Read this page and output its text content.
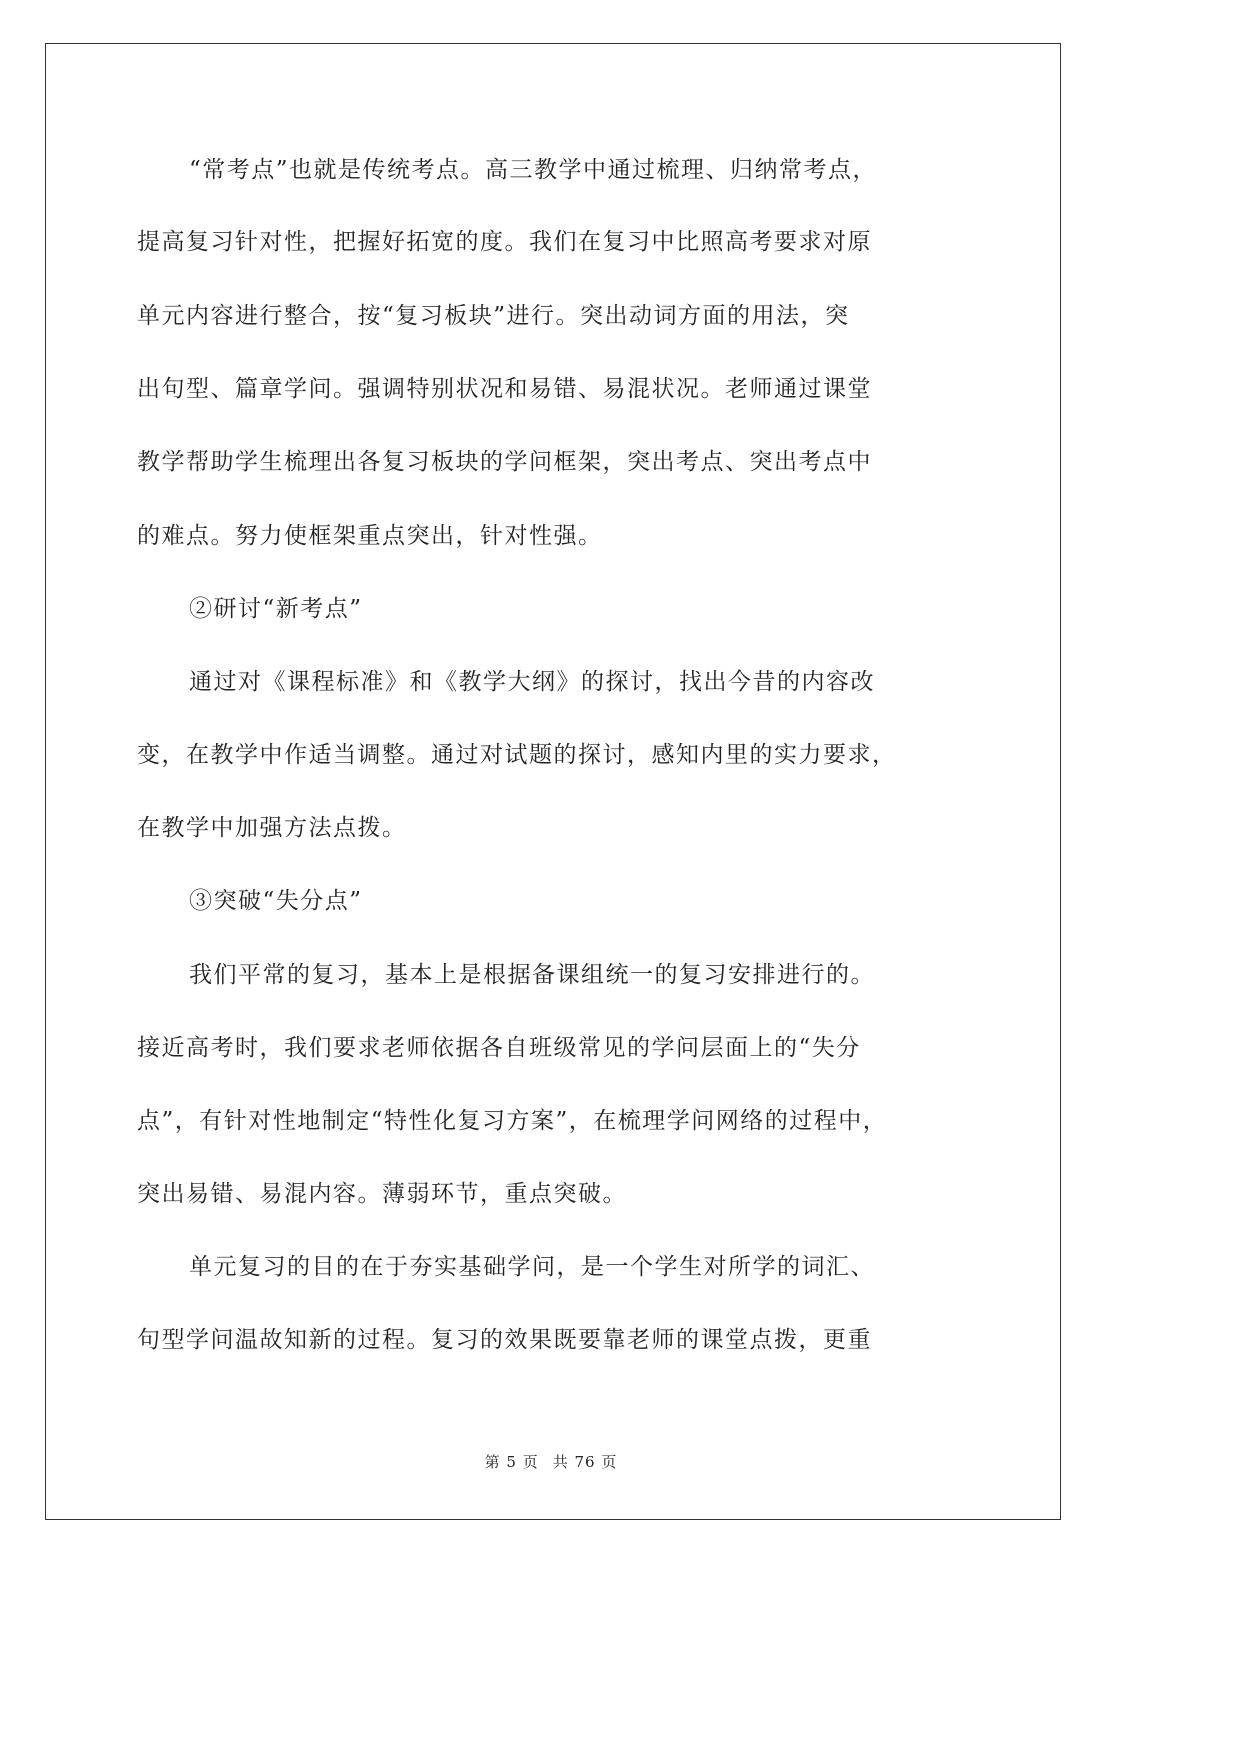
“常考点”也就是传统考点。高三教学中通过梳理、归纳常考点，

提高复习针对性，把握好拓宽的度。我们在复习中比照高考要求对原

单元内容进行整合，按“复习板块”进行。突出动词方面的用法，突

出句型、篇章学问。强调特别状况和易错、易混状况。老师通过课堂

教学帮助学生梳理出各复习板块的学问框架，突出考点、突出考点中

的难点。努力使框架重点突出，针对性强。

②研讨“新考点”

通过对《课程标准》和《教学大纲》的探讨，找出今昔的内容改

变，在教学中作适当调整。通过对试题的探讨，感知内里的实力要求，

在教学中加强方法点拨。

③突破“失分点”

我们平常的复习，基本上是根据备课组统一的复习安排进行的。

接近高考时，我们要求老师依据各自班级常见的学问层面上的“失分

点”，有针对性地制定“特性化复习方案”，在梳理学问网络的过程中，

突出易错、易混内容。薄弱环节，重点突破。

单元复习的目的在于夯实基础学问，是一个学生对所学的词汇、

句型学问温故知新的过程。复习的效果既要靠老师的课堂点拨，更重

第 5 页 共 76 页
